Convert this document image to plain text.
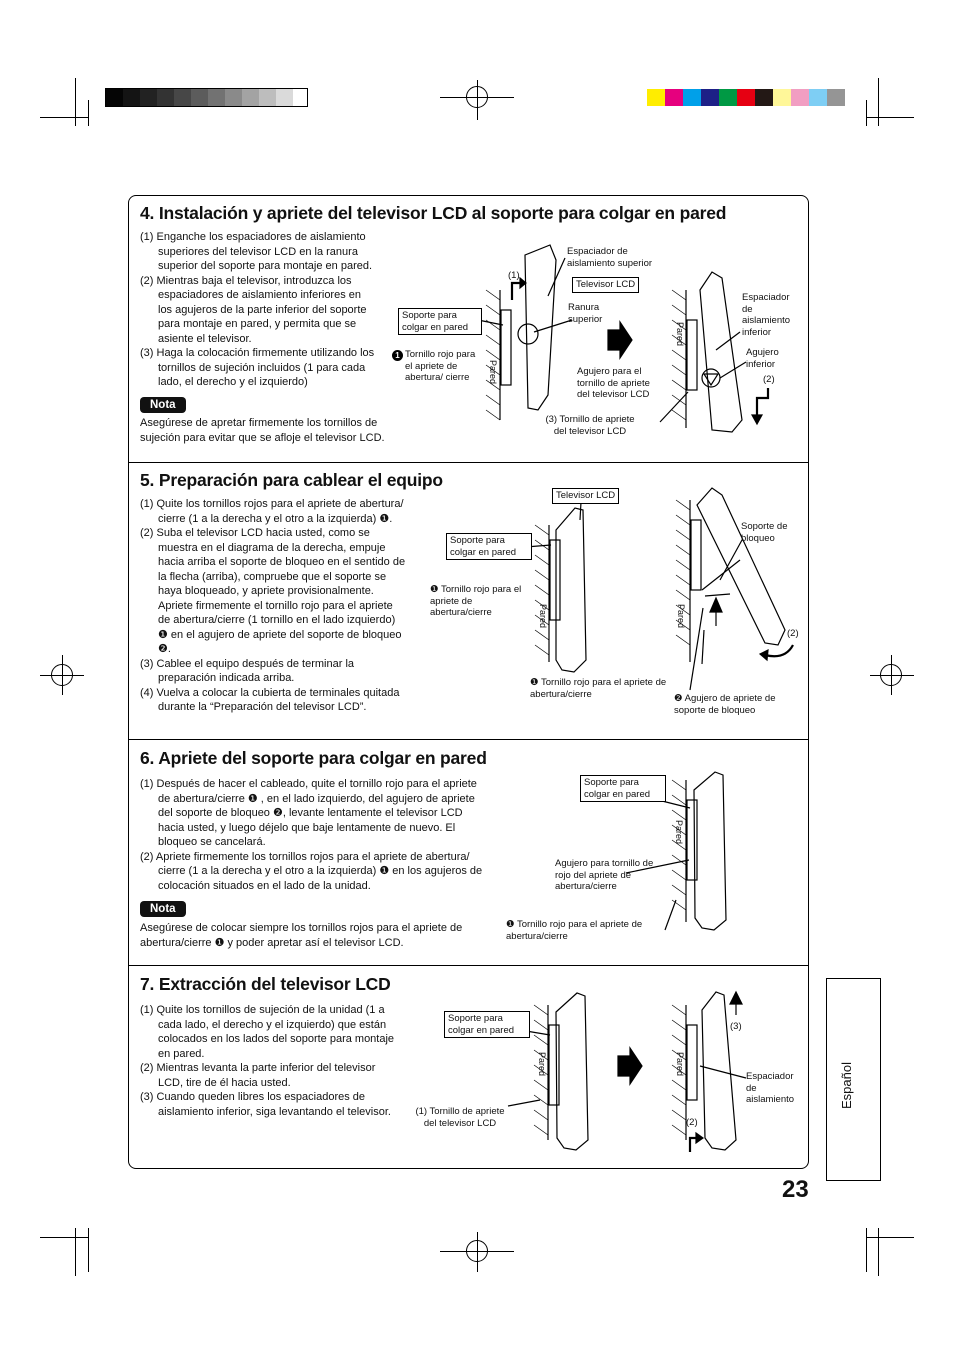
4. Instalación y apriete del televisor LCD al soporte para colgar en pared
(1) Enganche los espaciadores de aislamiento superiores del televisor LCD en la ranura superior del soporte para montaje en pared.
(2) Mientras baja el televisor, introduzca los espaciadores de aislamiento inferiores en los agujeros de la parte inferior del soporte para montaje en pared, y permita que se asiente el televisor.
(3) Haga la colocación firmemente utilizando los tornillos de sujeción incluidos (1 para cada lado, el derecho y el izquierdo)
Nota
Asegúrese de apretar firmemente los tornillos de sujeción para evitar que se afloje el televisor LCD.
(1)
Espaciador de aislamiento superior
Televisor LCD
Soporte para colgar en pared
Ranura superior
1 Tornillo rojo para el apriete de abertura/ cierre
Agujero para el tornillo de apriete del televisor LCD
(3) Tornillo de apriete del televisor LCD
Espaciador de aislamiento inferior
Agujero inferior
(2)
Pared
Pared
5. Preparación para cablear el equipo
(1) Quite los tornillos rojos para el apriete de abertura/ cierre (1 a la derecha y el otro a la izquierda) ❶.
(2) Suba el televisor LCD hacia usted, como se muestra en el diagrama de la derecha, empuje hacia arriba el soporte de bloqueo en el sentido de la flecha (arriba), compruebe que el soporte se haya bloqueado, y apriete provisionalmente. Apriete firmemente el tornillo rojo para el apriete de abertura/cierre (1 tornillo en el lado izquierdo) ❶ en el agujero de apriete del soporte de bloqueo ❷.
(3) Cablee el equipo después de terminar la preparación indicada arriba.
(4) Vuelva a colocar la cubierta de terminales quitada durante la “Preparación del televisor LCD”.
Televisor LCD
Soporte para colgar en pared
❶ Tornillo rojo para el apriete de abertura/cierre
❶ Tornillo rojo para el apriete de abertura/cierre
Soporte de bloqueo
(2)
❷ Agujero de apriete de soporte de bloqueo
Pared	Pared
6. Apriete del soporte para colgar en pared
(1) Después de hacer el cableado, quite el tornillo rojo para el apriete de abertura/cierre ❶ , en el lado izquierdo, del agujero de apriete del soporte de bloqueo ❷, levante lentamente el televisor LCD hacia usted, y luego déjelo que baje lentamente de nuevo. El bloqueo se cancelará.
(2) Apriete firmemente los tornillos rojos para el apriete de abertura/ cierre (1 a la derecha y el otro a la izquierda) ❶ en los agujeros de colocación situados en el lado de la unidad.
Nota
Asegúrese de colocar siempre los tornillos rojos para el apriete de abertura/cierre ❶ y poder apretar así el televisor LCD.
Soporte para colgar en pared
Agujero para tornillo de rojo del apriete de abertura/cierre
❶ Tornillo rojo para el apriete de abertura/cierre
Pared
7. Extracción del televisor LCD
(1) Quite los tornillos de sujeción de la unidad (1 a cada lado, el derecho y el izquierdo) que están colocados en los lados del soporte para montaje en pared.
(2) Mientras levanta la parte inferior del televisor LCD, tire de él hacia usted.
(3) Cuando queden libres los espaciadores de aislamiento inferior, siga levantando el televisor.
Soporte para colgar en pared
(1) Tornillo de apriete del televisor LCD
(3)
Espaciador de aislamiento
(2)
Pared	Pared	Español
23
